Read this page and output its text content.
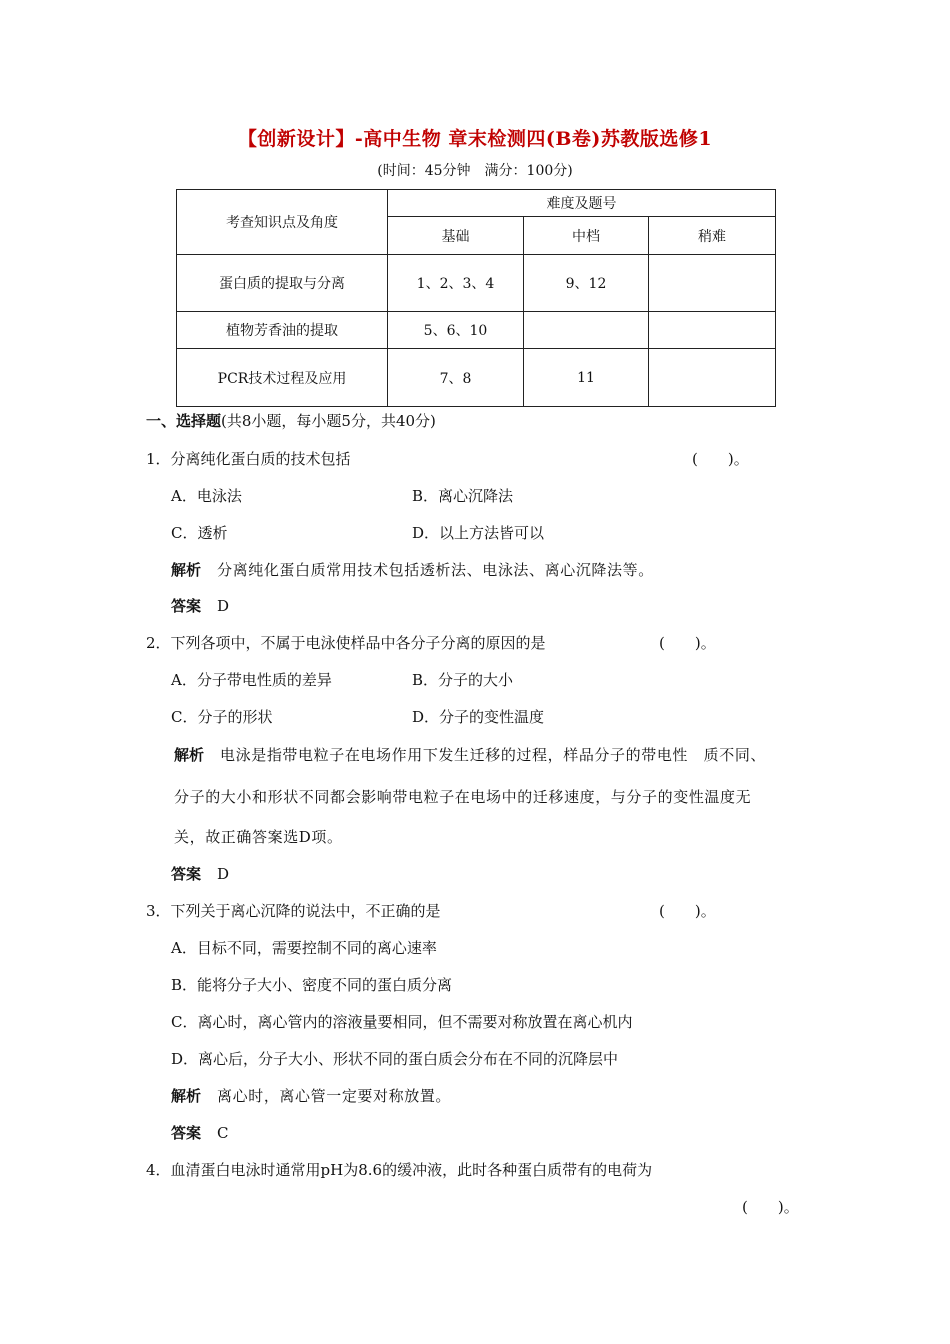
【创新设计】-高中生物 章末检测四(B卷)苏教版选修1
(时间：45分钟　满分：100分)
考查知识点及角度	难度及题号		
	基础	中档	稍难
蛋白质的提取与分离	1、2、3、4	9、12	
植物芳香油的提取	5、6、10		
PCR技术过程及应用	7、8	11	
一、选择题(共8小题，每小题5分，共40分)
1．分离纯化蛋白质的技术包括	(　　)。
A．电泳法	B．离心沉降法
C．透析	D．以上方法皆可以
解析 分离纯化蛋白质常用技术包括透析法、电泳法、离心沉降法等。
答案 D
2．下列各项中，不属于电泳使样品中各分子分离的原因的是	(　　)。
A．分子带电性质的差异	B．分子的大小
C．分子的形状	D．分子的变性温度
解析 电泳是指带电粒子在电场作用下发生迁移的过程，样品分子的带电性　质不同、
分子的大小和形状不同都会影响带电粒子在电场中的迁移速度，与分子的变性温度无
关，故正确答案选D项。
答案 D
3．下列关于离心沉降的说法中，不正确的是	(　　)。
A．目标不同，需要控制不同的离心速率
B．能将分子大小、密度不同的蛋白质分离
C．离心时，离心管内的溶液量要相同，但不需要对称放置在离心机内
D．离心后，分子大小、形状不同的蛋白质会分布在不同的沉降层中
解析 离心时，离心管一定要对称放置。
答案 C
4．血清蛋白电泳时通常用pH为8.6的缓冲液，此时各种蛋白质带有的电荷为
(　　)。
